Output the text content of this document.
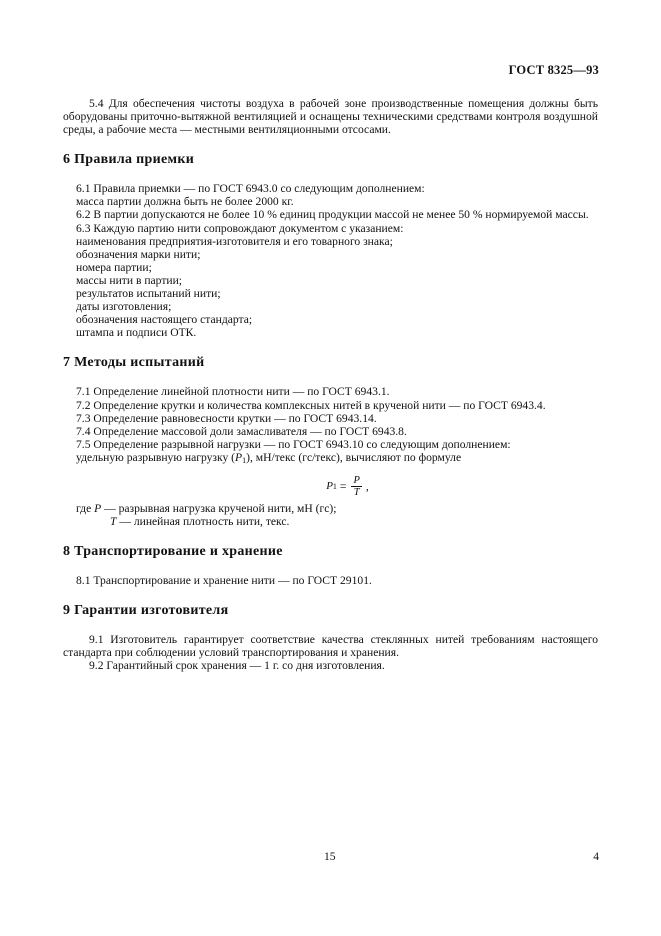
ГОСТ 8325—93

5.4 Для обеспечения чистоты воздуха в рабочей зоне производственные помещения должны быть оборудованы приточно-вытяжной вентиляцией и оснащены техническими средствами контроля воздушной среды, а рабочие места — местными вентиляционными отсосами.

6 Правила приемки

6.1 Правила приемки — по ГОСТ 6943.0 со следующим дополнением:

масса партии должна быть не более 2000 кг.

6.2 В партии допускаются не более 10 % единиц продукции массой не менее 50 % нормируемой массы.

6.3 Каждую партию нити сопровождают документом с указанием:

наименования предприятия-изготовителя и его товарного знака;

обозначения марки нити;

номера партии;

массы нити в партии;

результатов испытаний нити;

даты изготовления;

обозначения настоящего стандарта;

штампа и подписи ОТК.

7 Методы испытаний

7.1 Определение линейной плотности нити — по ГОСТ 6943.1.

7.2 Определение крутки и количества комплексных нитей в крученой нити — по ГОСТ 6943.4.

7.3 Определение равновесности крутки — по ГОСТ 6943.14.

7.4 Определение массовой доли замасливателя — по ГОСТ 6943.8.

7.5 Определение разрывной нагрузки — по ГОСТ 6943.10 со следующим дополнением:

удельную разрывную нагрузку (P1), мН/текс (гс/текс), вычисляют по формуле

P $1 = \frac{P}{T}$ ,

где P — разрывная нагрузка крученой нити, мН (гс);

T — линейная плотность нити, текс.

8 Транспортирование и хранение

8.1 Транспортирование и хранение нити — по ГОСТ 29101.

9 Гарантии изготовителя

9.1 Изготовитель гарантирует соответствие качества стеклянных нитей требованиям настоящего стандарта при соблюдении условий транспортирования и хранения.

9.2 Гарантийный срок хранения — 1 г. со дня изготовления.

15	4
